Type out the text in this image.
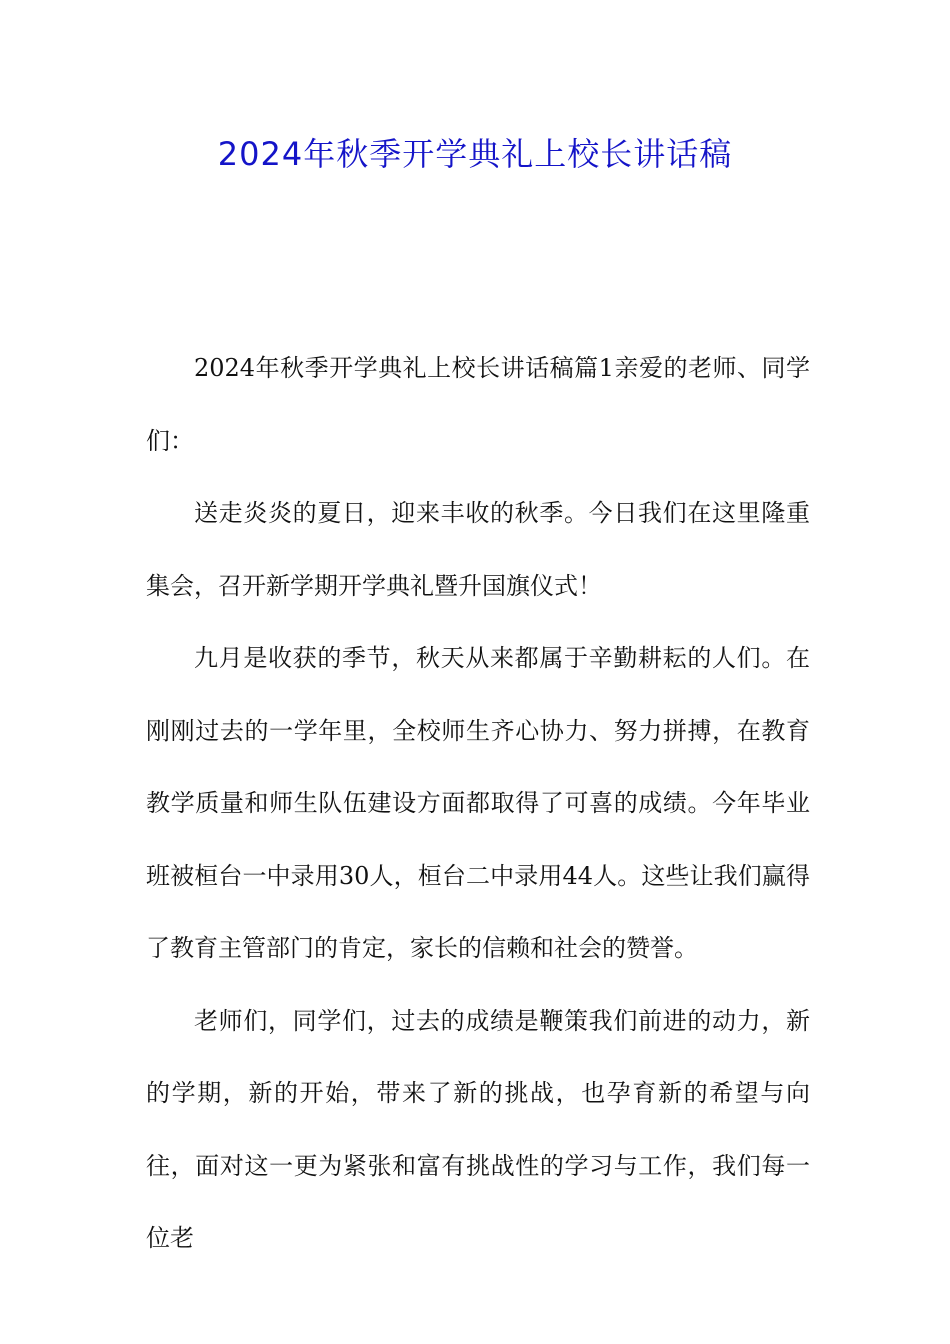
2024年秋季开学典礼上校长讲话稿

2024年秋季开学典礼上校长讲话稿篇1亲爱的老师、同学们：

送走炎炎的夏日，迎来丰收的秋季。今日我们在这里隆重集会，召开新学期开学典礼暨升国旗仪式！

九月是收获的季节，秋天从来都属于辛勤耕耘的人们。在刚刚过去的一学年里，全校师生齐心协力、努力拼搏，在教育教学质量和师生队伍建设方面都取得了可喜的成绩。今年毕业班被桓台一中录用30人，桓台二中录用44人。这些让我们赢得了教育主管部门的肯定，家长的信赖和社会的赞誉。

老师们，同学们，过去的成绩是鞭策我们前进的动力，新的学期，新的开始，带来了新的挑战，也孕育新的希望与向往，面对这一更为紧张和富有挑战性的学习与工作，我们每一位老
